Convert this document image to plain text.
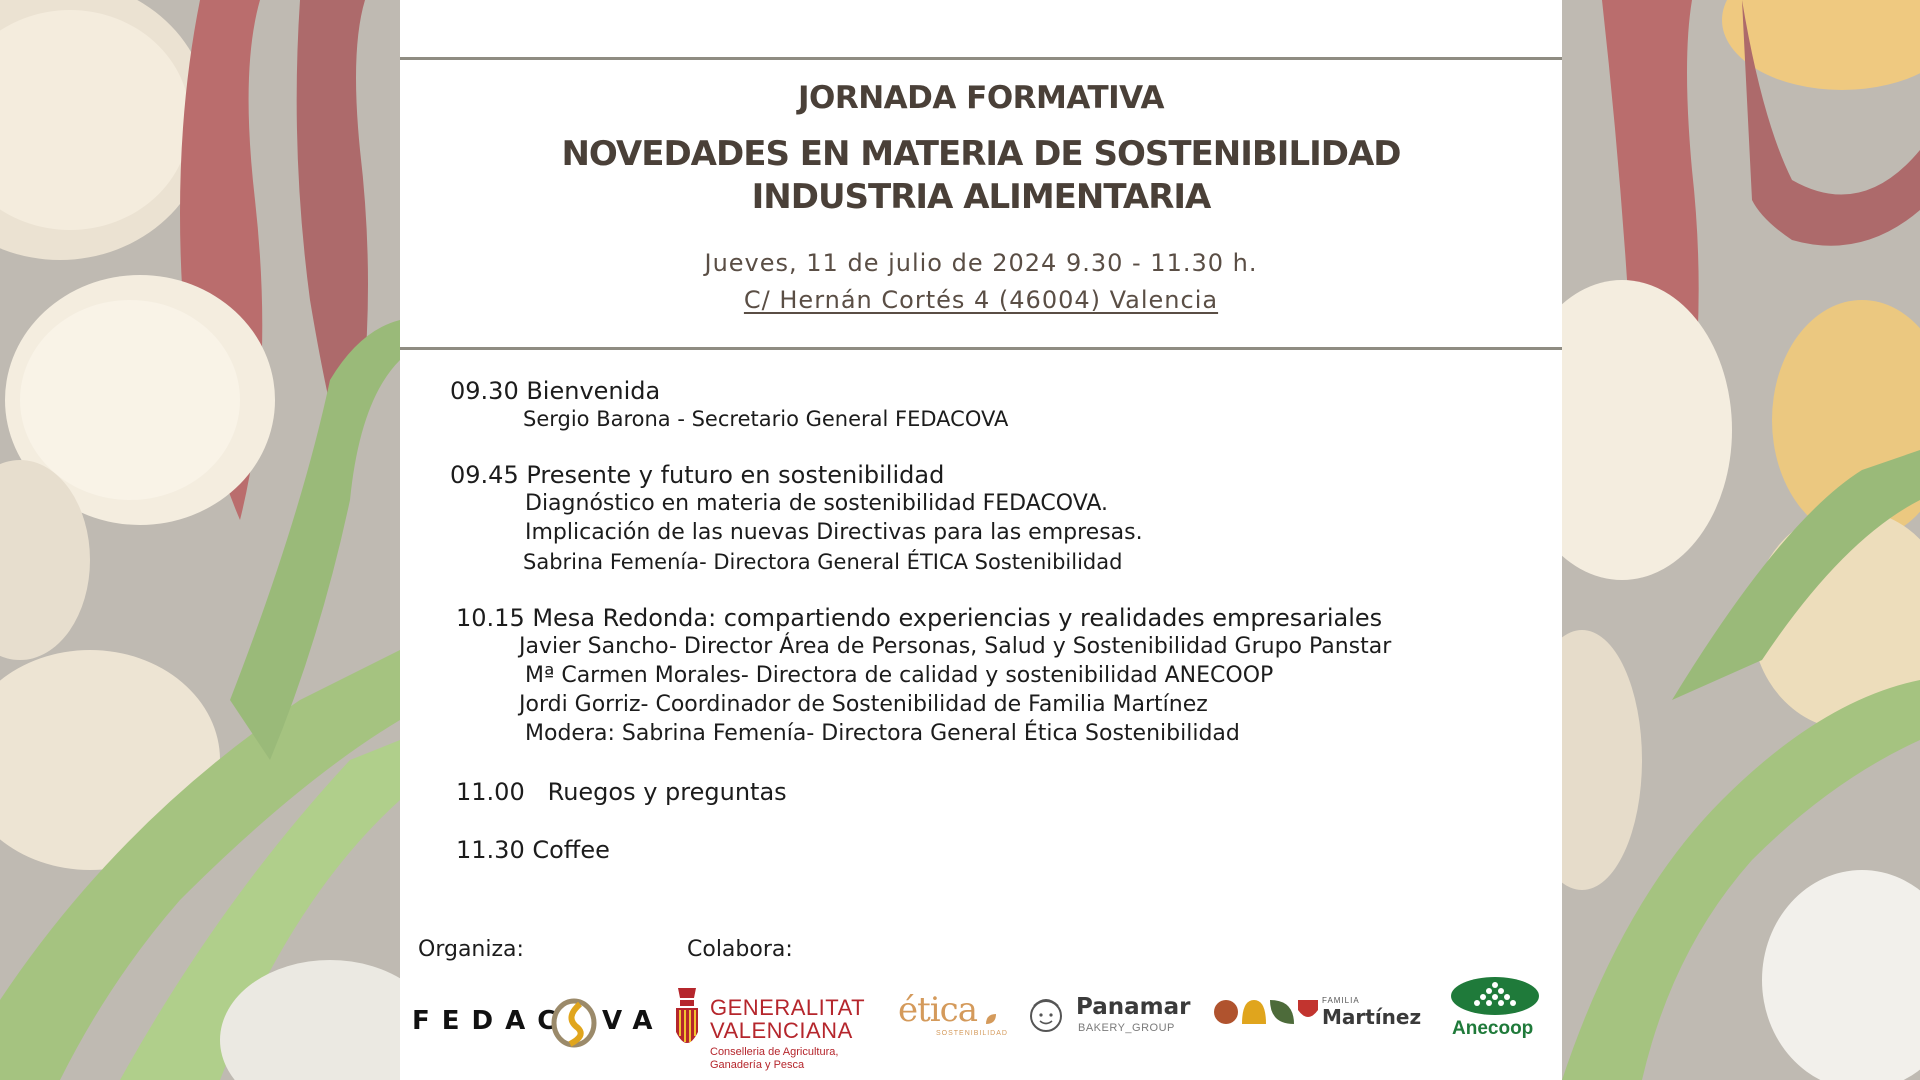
JORNADA FORMATIVA
NOVEDADES EN MATERIA DE SOSTENIBILIDAD
INDUSTRIA ALIMENTARIA
Jueves, 11 de julio de 2024 9.30 - 11.30 h.
C/ Hernán Cortés 4 (46004) Valencia
09.30 Bienvenida
Sergio Barona - Secretario General FEDACOVA
09.45 Presente y futuro en sostenibilidad
Diagnóstico en materia de sostenibilidad FEDACOVA.
Implicación de las nuevas Directivas para las empresas.
Sabrina Femenía- Directora General ÉTICA Sostenibilidad
10.15 Mesa Redonda: compartiendo experiencias y realidades empresariales
Javier Sancho- Director Área de Personas, Salud y Sostenibilidad Grupo Panstar
Mª Carmen Morales- Directora de calidad y sostenibilidad ANECOOP
Jordi Gorriz- Coordinador de Sostenibilidad de Familia Martínez
Modera: Sabrina Femenía- Directora General Ética Sostenibilidad
11.00   Ruegos y preguntas
11.30 Coffee
Organiza:	Colabora:
FEDAC VA GENERALITAT
VALENCIANA
Conselleria de Agricultura,
Ganadería y Pesca
ética
SOSTENIBILIDAD
Panamar
BAKERY_GROUP
FAMILIA
Martínez Anecoop
